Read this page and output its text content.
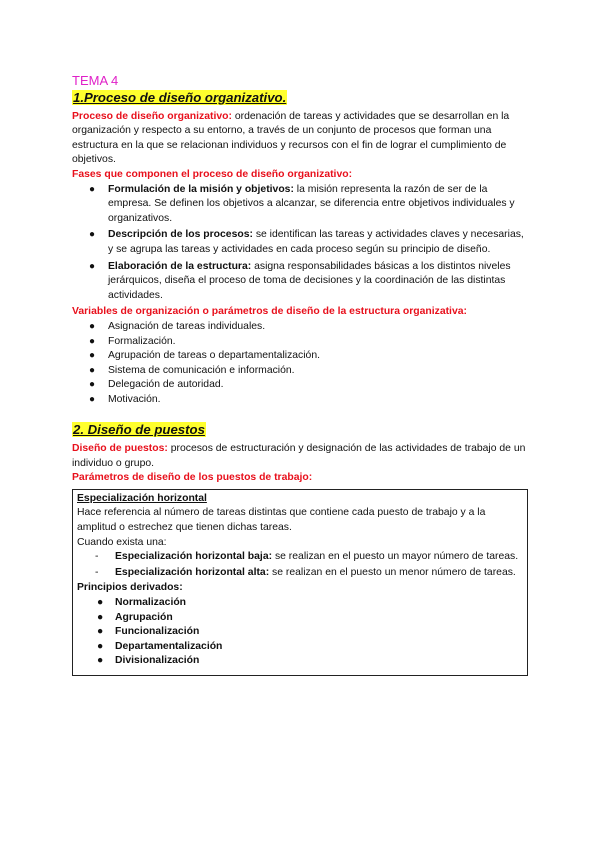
TEMA 4

1.Proceso de diseño organizativo.

Proceso de diseño organizativo: ordenación de tareas y actividades que se desarrollan en la organización y respecto a su entorno, a través de un conjunto de procesos que forman una estructura en la que se relacionan individuos y recursos con el fin de lograr el cumplimiento de objetivos.

Fases que componen el proceso de diseño organizativo:

● Formulación de la misión y objetivos: la misión representa la razón de ser de la empresa. Se definen los objetivos a alcanzar, se diferencia entre objetivos individuales y organizativos.
● Descripción de los procesos: se identifican las tareas y actividades claves y necesarias, y se agrupa las tareas y actividades en cada proceso según su principio de diseño.
● Elaboración de la estructura: asigna responsabilidades básicas a los distintos niveles jerárquicos, diseña el proceso de toma de decisiones y la coordinación de las distintas actividades.

Variables de organización o parámetros de diseño de la estructura organizativa:

● Asignación de tareas individuales.
● Formalización.
● Agrupación de tareas o departamentalización.
● Sistema de comunicación e información.
● Delegación de autoridad.
● Motivación.

2. Diseño de puestos

Diseño de puestos: procesos de estructuración y designación de las actividades de trabajo de un individuo o grupo.

Parámetros de diseño de los puestos de trabajo:

Especialización horizontal

Hace referencia al número de tareas distintas que contiene cada puesto de trabajo y a la amplitud o estrechez que tienen dichas tareas.

Cuando exista una:

- Especialización horizontal baja: se realizan en el puesto un mayor número de tareas.
- Especialización horizontal alta: se realizan en el puesto un menor número de tareas.

Principios derivados:

● Normalización
● Agrupación
● Funcionalización
● Departamentalización
● Divisionalización
